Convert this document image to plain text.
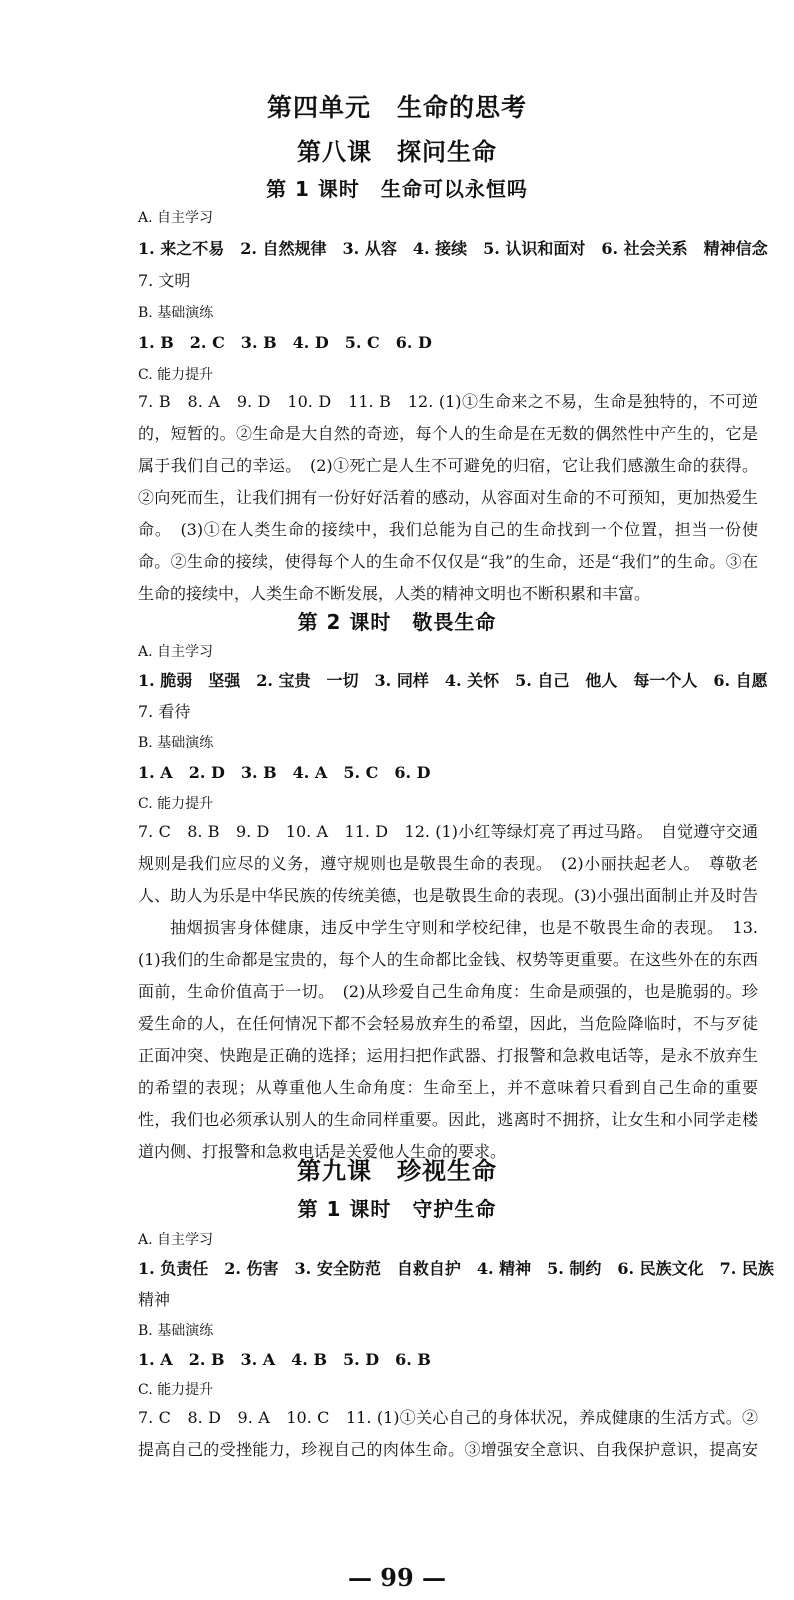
第四单元　生命的思考
第八课　探问生命
第 1 课时　生命可以永恒吗
A. 自主学习
1. 来之不易　2. 自然规律　3. 从容　4. 接续　5. 认识和面对　6. 社会关系　精神信念
7. 文明
B. 基础演练
1. B　2. C　3. B　4. D　5. C　6. D
C. 能力提升
7. B　8. A　9. D　10. D　11. B　12. (1)①生命来之不易，生命是独特的，不可逆的，短暂的。②生命是大自然的奇迹，每个人的生命是在无数的偶然性中产生的，它是属于我们自己的幸运。　(2)①死亡是人生不可避免的归宿，它让我们感激生命的获得。②向死而生，让我们拥有一份好好活着的感动，从容面对生命的不可预知，更加热爱生命。　(3)①在人类生命的接续中，我们总能为自己的生命找到一个位置，担当一份使命。②生命的接续，使得每个人的生命不仅仅是“我”的生命，还是“我们”的生命。③在生命的接续中，人类生命不断发展，人类的精神文明也不断积累和丰富。
第 2 课时　敬畏生命
A. 自主学习
1. 脆弱　坚强　2. 宝贵　一切　3. 同样　4. 关怀　5. 自己　他人　每一个人　6. 自愿
7. 看待
B. 基础演练
1. A　2. D　3. B　4. A　5. C　6. D
C. 能力提升
7. C　8. B　9. D　10. A　11. D　12. (1)小红等绿灯亮了再过马路。　自觉遵守交通规则是我们应尽的义务，遵守规则也是敬畏生命的表现。　(2)小丽扶起老人。　尊敬老人、助人为乐是中华民族的传统美德，也是敬畏生命的表现。(3)小强出面制止并及时告
抽烟损害身体健康，违反中学生守则和学校纪律，也是不敬畏生命的表现。　13. (1)我们的生命都是宝贵的，每个人的生命都比金钱、权势等更重要。在这些外在的东西面前，生命价值高于一切。　(2)从珍爱自己生命角度：生命是顽强的，也是脆弱的。珍爱生命的人，在任何情况下都不会轻易放弃生的希望，因此，当危险降临时，不与歹徒正面冲突、快跑是正确的选择；运用扫把作武器、打报警和急救电话等，是永不放弃生的希望的表现；从尊重他人生命角度：生命至上，并不意味着只看到自己生命的重要性，我们也必须承认别人的生命同样重要。因此，逃离时不拥挤，让女生和小同学走楼道内侧、打报警和急救电话是关爱他人生命的要求。
第九课　珍视生命
第 1 课时　守护生命
A. 自主学习
1. 负责任　2. 伤害　3. 安全防范　自救自护　4. 精神　5. 制约　6. 民族文化　7. 民族
精神
B. 基础演练
1. A　2. B　3. A　4. B　5. D　6. B
C. 能力提升
7. C　8. D　9. A　10. C　11. (1)①关心自己的身体状况，养成健康的生活方式。②提高自己的受挫能力，珍视自己的肉体生命。③增强安全意识、自我保护意识，提高安
— 99 —
